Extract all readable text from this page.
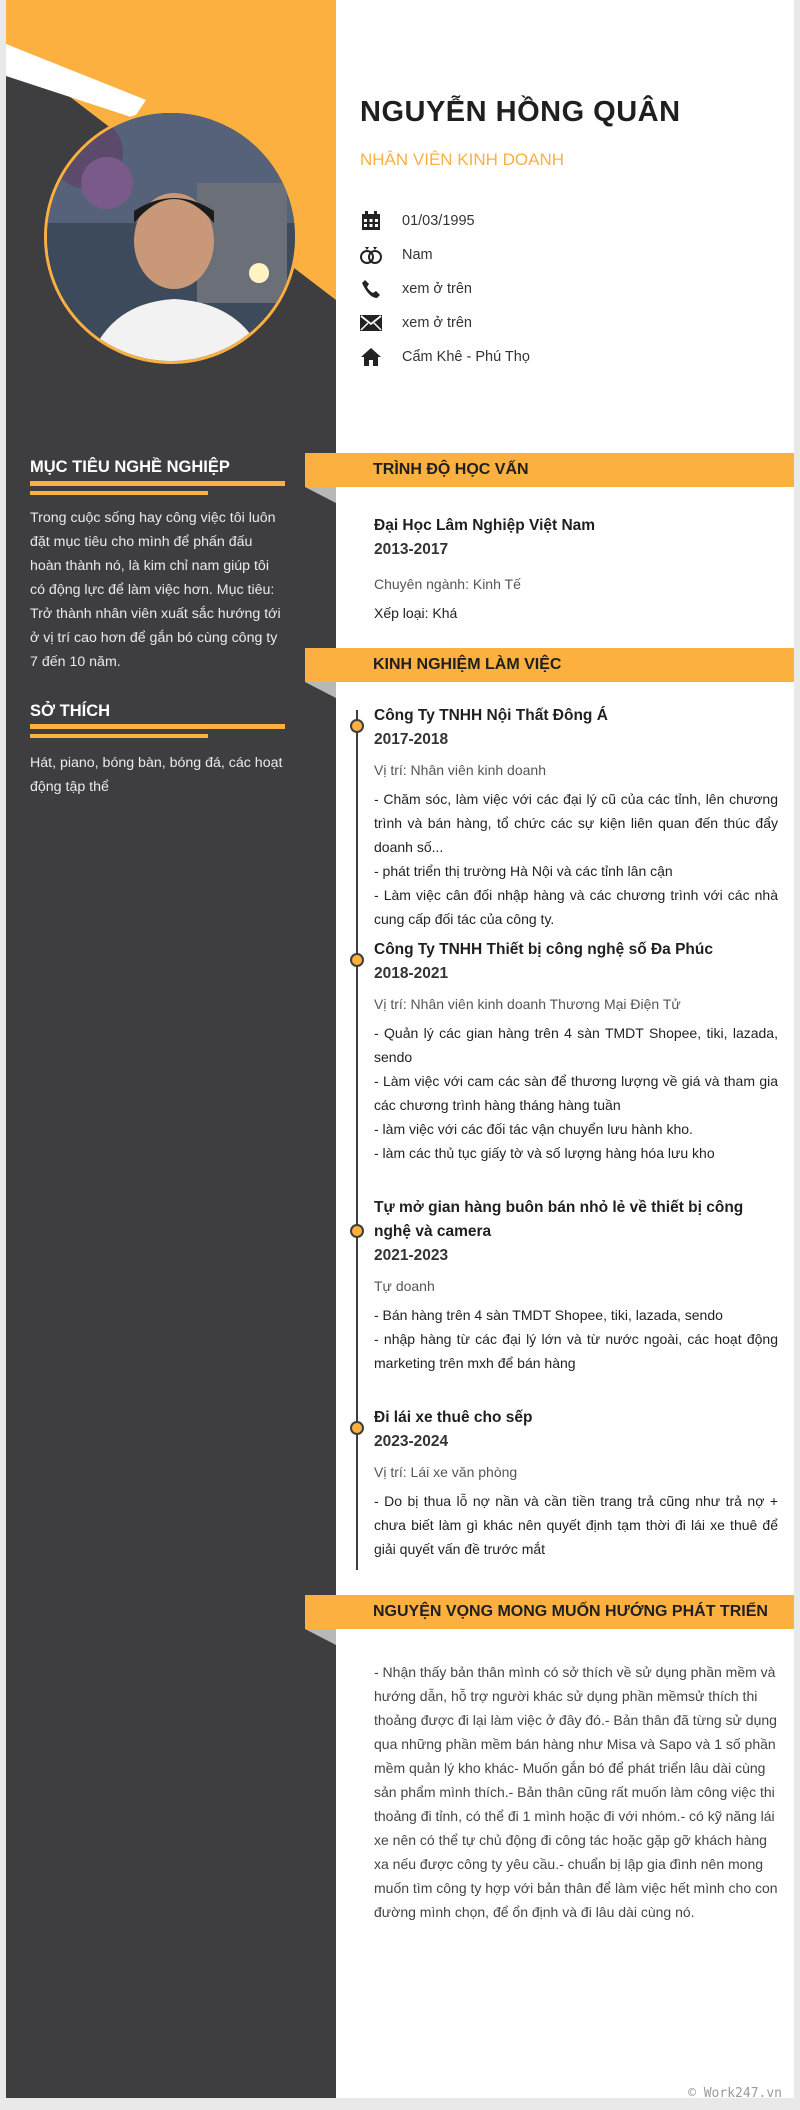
NGUYỄN HỒNG QUÂN
NHÂN VIÊN KINH DOANH
01/03/1995
Nam
xem ở trên
xem ở trên
Cẩm Khê - Phú Thọ
MỤC TIÊU NGHỀ NGHIỆP
Trong cuộc sống hay công việc tôi luôn đặt mục tiêu cho mình để phấn đấu hoàn thành nó, là kim chỉ nam giúp tôi có động lực để làm việc hơn. Mục tiêu: Trở thành nhân viên xuất sắc hướng tới ở vị trí cao hơn để gắn bó cùng công ty 7 đến 10 năm.
SỞ THÍCH
Hát, piano, bóng bàn, bóng đá, các hoạt động tập thể
TRÌNH ĐỘ HỌC VẤN
Đại Học Lâm Nghiệp Việt Nam
2013-2017
Chuyên ngành: Kinh Tế
Xếp loại: Khá
KINH NGHIỆM LÀM VIỆC
Công Ty TNHH Nội Thất Đông Á
2017-2018
Vị trí: Nhân viên kinh doanh
- Chăm sóc, làm việc với các đại lý cũ của các tỉnh, lên chương trình và bán hàng, tổ chức các sự kiện liên quan đến thúc đẩy doanh số...
- phát triển thị trường Hà Nội và các tỉnh lân cận
- Làm việc cân đối nhập hàng và các chương trình với các nhà cung cấp đối tác của công ty.
Công Ty TNHH Thiết bị công nghệ số Đa Phúc
2018-2021
Vị trí: Nhân viên kinh doanh Thương Mại Điện Tử
- Quản lý các gian hàng trên 4 sàn TMDT Shopee, tiki, lazada, sendo
- Làm việc với cam các sàn để thương lượng về giá và tham gia các chương trình hàng tháng hàng tuần
- làm việc với các đối tác vận chuyển lưu hành kho.
- làm các thủ tục giấy tờ và số lượng hàng hóa lưu kho
Tự mở gian hàng buôn bán nhỏ lẻ về thiết bị công nghệ và camera
2021-2023
Tự doanh
- Bán hàng trên 4 sàn TMDT Shopee, tiki, lazada, sendo
- nhập hàng từ các đại lý lớn và từ nước ngoài, các hoạt động marketing trên mxh để bán hàng
Đi lái xe thuê cho sếp
2023-2024
Vị trí: Lái xe văn phòng
- Do bị thua lỗ nợ nần và cần tiền trang trả cũng như trả nợ + chưa biết làm gì khác nên quyết định tạm thời đi lái xe thuê để giải quyết vấn đề trước mắt
NGUYỆN VỌNG MONG MUỐN HƯỚNG PHÁT TRIỂN
- Nhận thấy bản thân mình có sở thích về sử dụng phần mềm và hướng dẫn, hỗ trợ người khác sử dụng phần mềmsử thích thi thoảng được đi lại làm việc ở đây đó.- Bản thân đã từng sử dụng qua những phần mềm bán hàng như Misa và Sapo và 1 số phần mềm quản lý kho khác- Muốn gắn bó để phát triển lâu dài cùng sản phẩm mình thích.- Bản thân cũng rất muốn làm công việc thi thoảng đi tỉnh, có thể đi 1 mình hoặc đi với nhóm.- có kỹ năng lái xe nên có thể tự chủ động đi công tác hoặc gặp gỡ khách hàng xa nếu được công ty yêu cầu.- chuẩn bị lập gia đình nên mong muốn tìm công ty hợp với bản thân để làm việc hết mình cho con đường mình chọn, để ổn định và đi lâu dài cùng nó.
© Work247.vn
